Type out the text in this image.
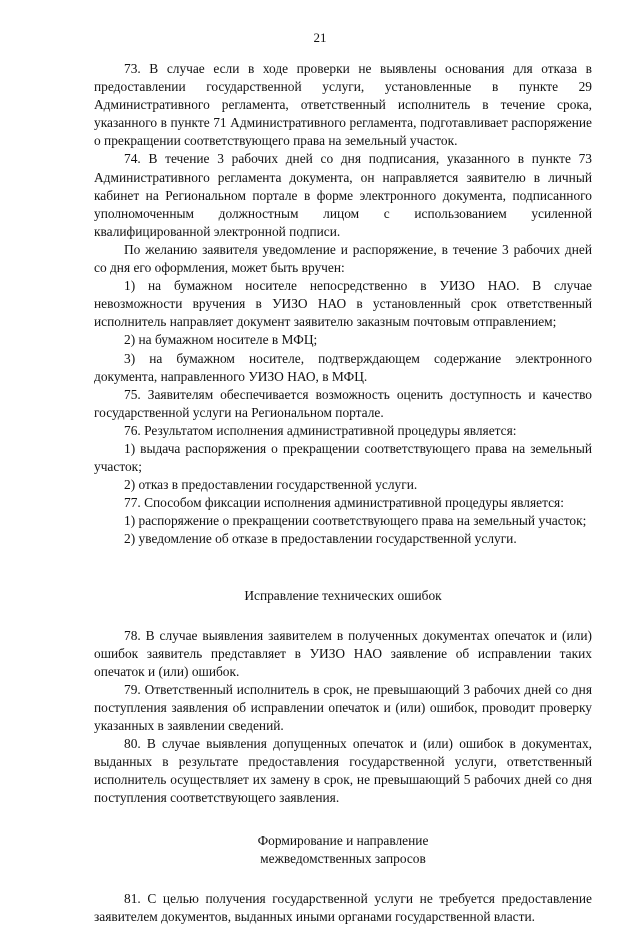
21

73. В случае если в ходе проверки не выявлены основания для отказа в предоставлении государственной услуги, установленные в пункте 29 Административного регламента, ответственный исполнитель в течение срока, указанного в пункте 71 Административного регламента, подготавливает распоряжение о прекращении соответствующего права на земельный участок.

74. В течение 3 рабочих дней со дня подписания, указанного в пункте 73 Административного регламента документа, он направляется заявителю в личный кабинет на Региональном портале в форме электронного документа, подписанного уполномоченным должностным лицом с использованием усиленной квалифицированной электронной подписи.

По желанию заявителя уведомление и распоряжение, в течение 3 рабочих дней со дня его оформления, может быть вручен:

1) на бумажном носителе непосредственно в УИЗО НАО. В случае невозможности вручения в УИЗО НАО в установленный срок ответственный исполнитель направляет документ заявителю заказным почтовым отправлением;

2) на бумажном носителе в МФЦ;

3) на бумажном носителе, подтверждающем содержание электронного документа, направленного УИЗО НАО, в МФЦ.

75. Заявителям обеспечивается возможность оценить доступность и качество государственной услуги на Региональном портале.

76. Результатом исполнения административной процедуры является:

1) выдача распоряжения о прекращении соответствующего права на земельный участок;

2) отказ в предоставлении государственной услуги.

77. Способом фиксации исполнения административной процедуры является:

1) распоряжение о прекращении соответствующего права на земельный участок;

2) уведомление об отказе в предоставлении государственной услуги.

Исправление технических ошибок

78. В случае выявления заявителем в полученных документах опечаток и (или) ошибок заявитель представляет в УИЗО НАО заявление об исправлении таких опечаток и (или) ошибок.

79. Ответственный исполнитель в срок, не превышающий 3 рабочих дней со дня поступления заявления об исправлении опечаток и (или) ошибок, проводит проверку указанных в заявлении сведений.

80. В случае выявления допущенных опечаток и (или) ошибок в документах, выданных в результате предоставления государственной услуги, ответственный исполнитель осуществляет их замену в срок, не превышающий 5 рабочих дней со дня поступления соответствующего заявления.

Формирование и направление

межведомственных запросов

81. С целью получения государственной услуги не требуется предоставление заявителем документов, выданных иными органами государственной власти.
